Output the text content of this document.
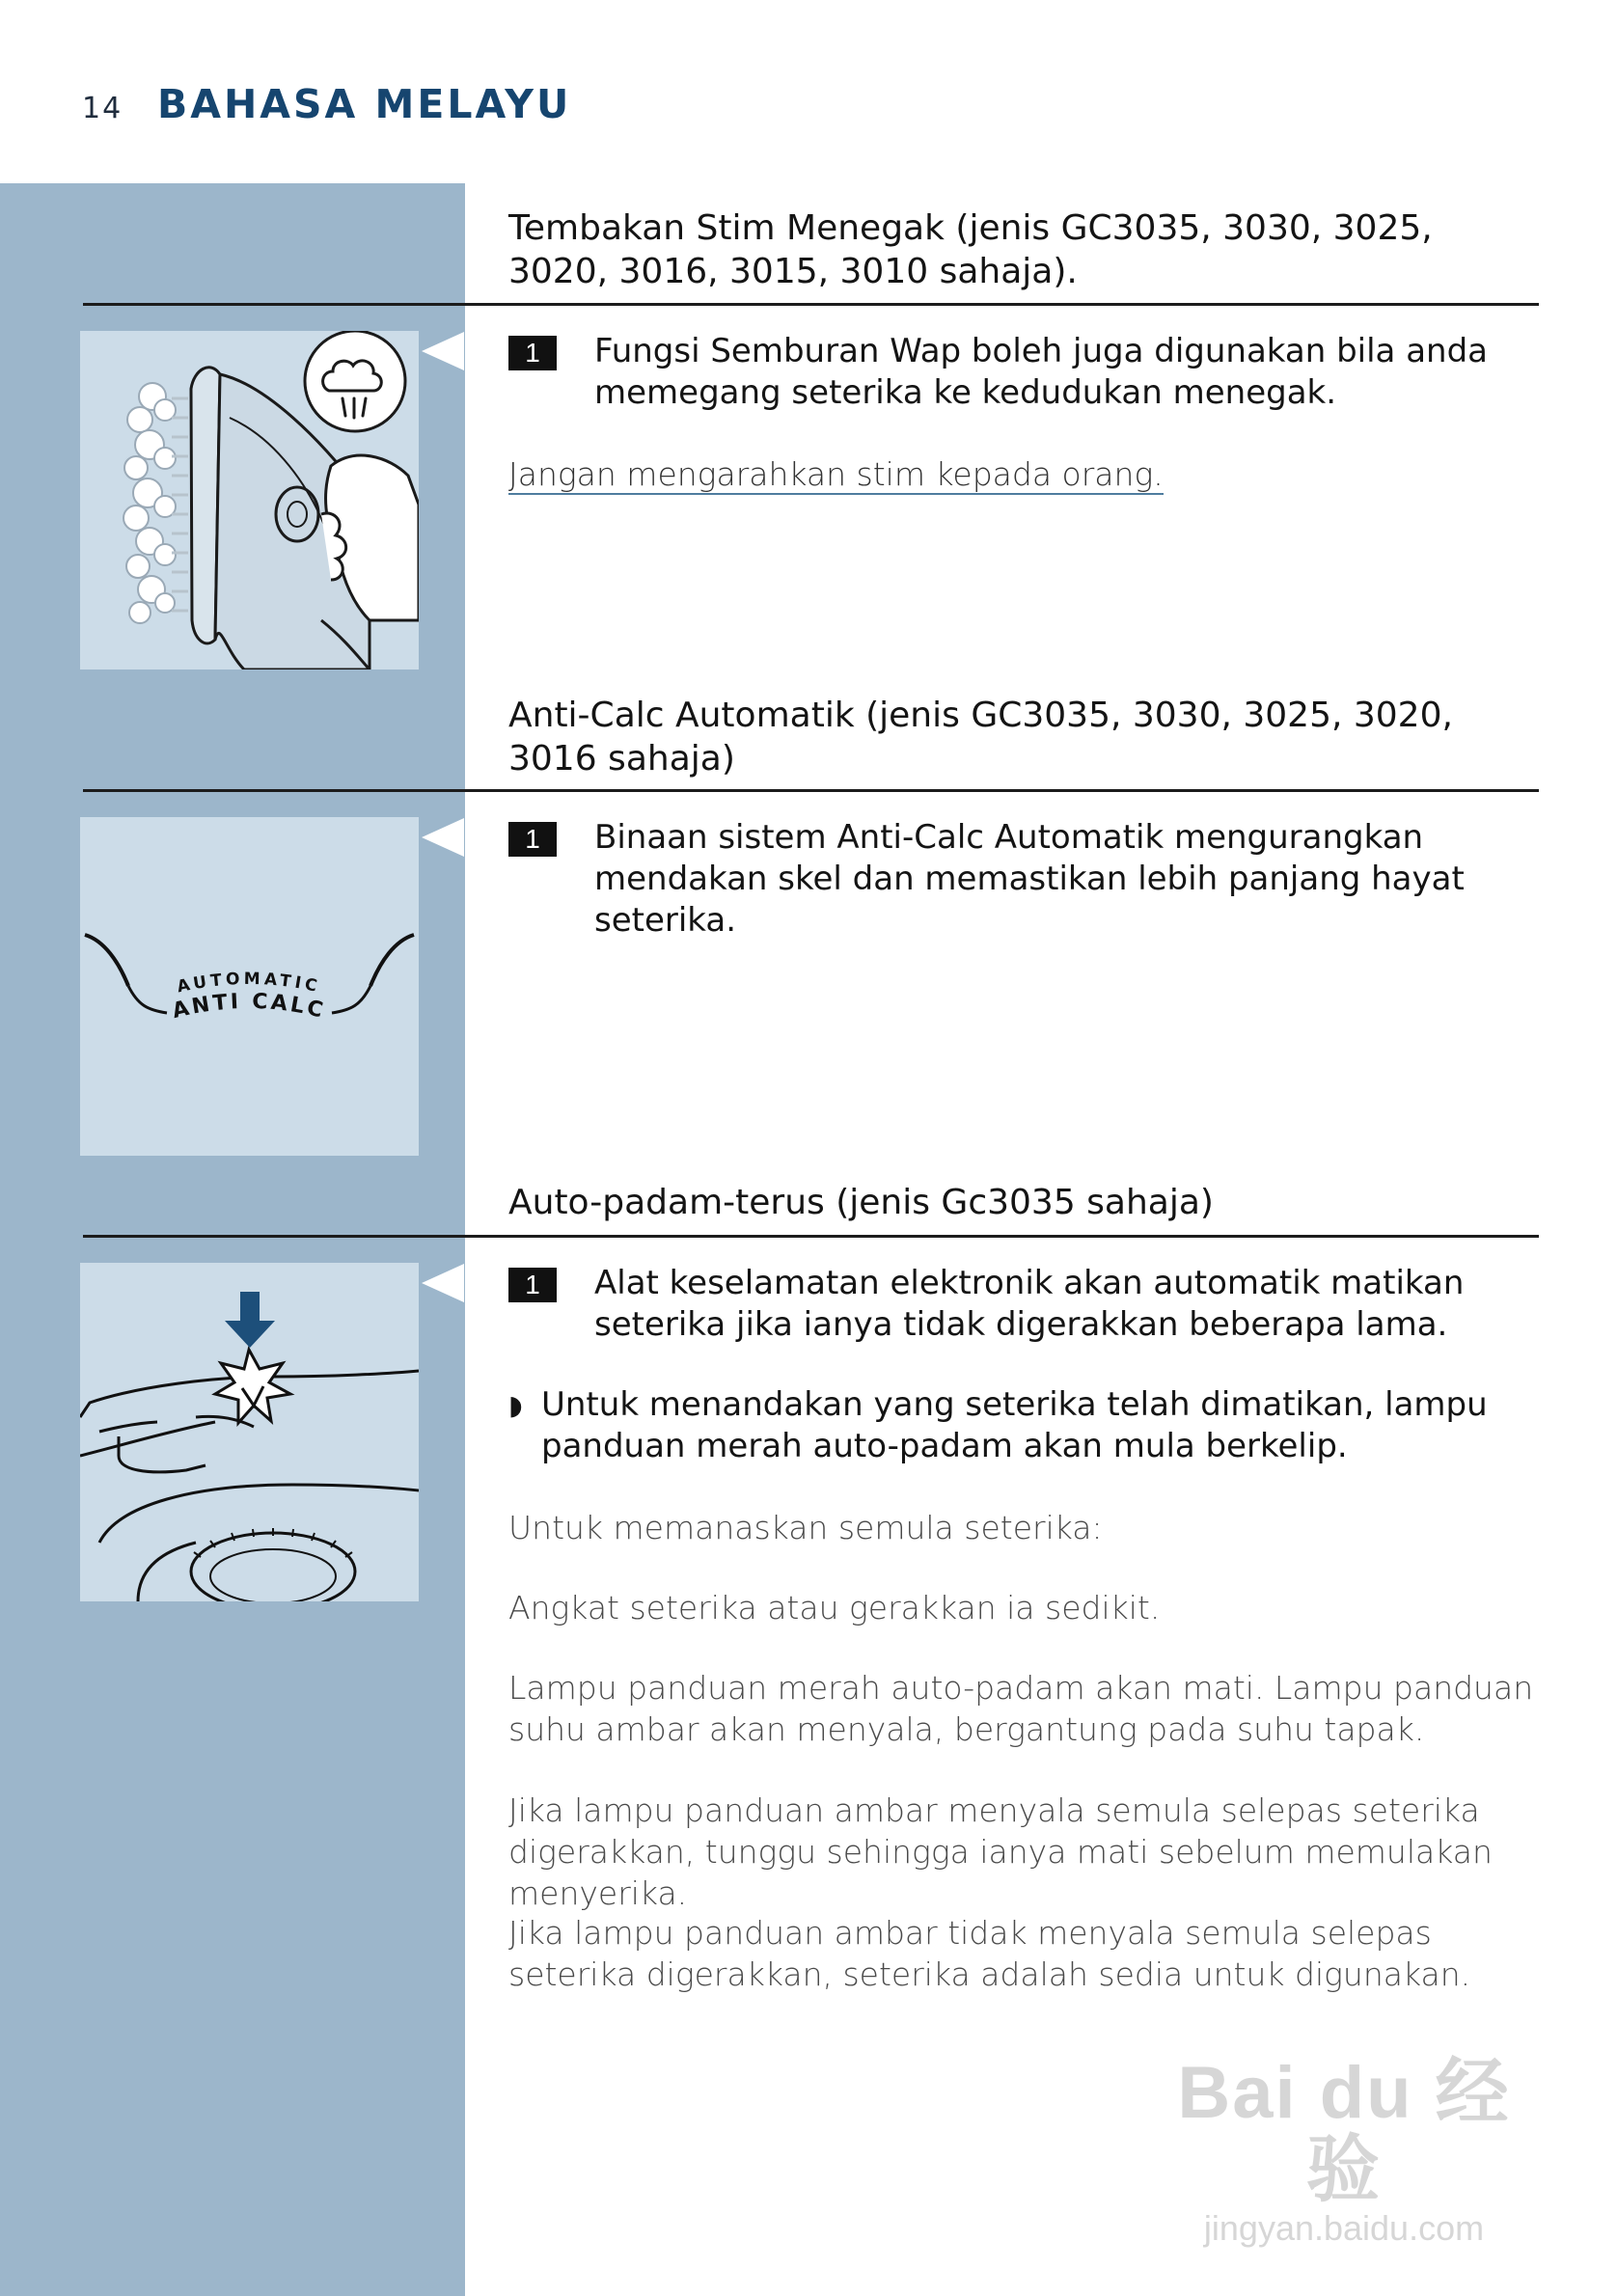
14 BAHASA MELAYU
Tembakan Stim Menegak (jenis GC3035, 3030, 3025, 3020, 3016, 3015, 3010 sahaja).
1	Fungsi Semburan Wap boleh juga digunakan bila anda memegang seterika ke kedudukan menegak.
Jangan mengarahkan stim kepada orang.
Anti-Calc Automatik (jenis GC3035, 3030, 3025, 3020, 3016 sahaja)
AUTOMATIC
ANTI CALC
1	Binaan sistem Anti-Calc Automatik mengurangkan mendakan skel dan memastikan lebih panjang hayat seterika.
Auto-padam-terus (jenis Gc3035 sahaja)
1	Alat keselamatan elektronik akan automatik matikan seterika jika ianya tidak digerakkan beberapa lama.
◗ Untuk menandakan yang seterika telah dimatikan, lampu panduan merah auto-padam akan mula berkelip.
Untuk memanaskan semula seterika:
Angkat seterika atau gerakkan ia sedikit.
Lampu panduan merah auto-padam akan mati. Lampu panduan suhu ambar akan menyala, bergantung pada suhu tapak.
Jika lampu panduan ambar menyala semula selepas seterika digerakkan, tunggu sehingga ianya mati sebelum memulakan menyerika.
Jika lampu panduan ambar tidak menyala semula selepas seterika digerakkan, seterika adalah sedia untuk digunakan.
Bai du 经验
jingyan.baidu.com
